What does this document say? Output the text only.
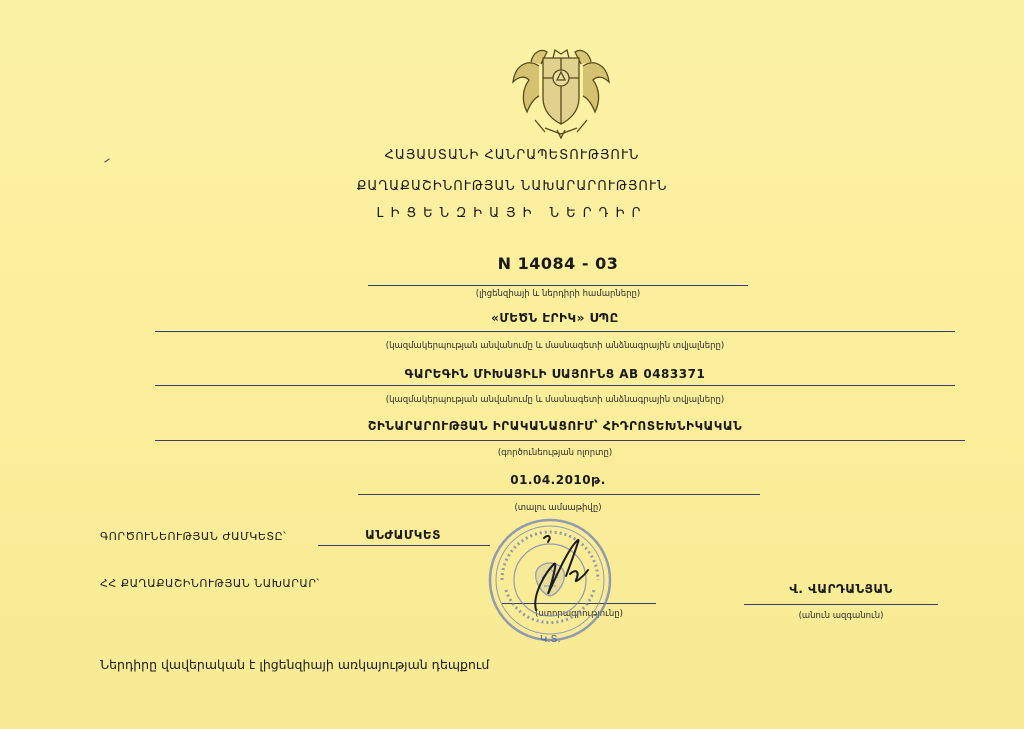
ՀԱՅԱՍՏԱՆԻ ՀԱՆՐԱՊԵՏՈՒԹՅՈՒՆ
ՔԱՂԱՔԱՇԻՆՈՒԹՅԱՆ ՆԱԽԱՐԱՐՈՒԹՅՈՒՆ
ԼԻՑԵՆԶԻԱՅԻ ՆԵՐԴԻՐ
N 14084 - 03
(լիցենզիայի և ներդիրի համարները)
«ՄԵԾՆ ԷՐԻԿ» ՍՊԸ
(կազմակերպության անվանումը և մասնագետի անձնագրային տվյալները)
ԳԱՐԵԳԻՆ ՄԻԽԱՅԻԼԻ ՍԱՅՈՒՆՑ AB 0483371
(կազմակերպության անվանումը և մասնագետի անձնագրային տվյալները)
ՇԻՆԱՐԱՐՈՒԹՅԱՆ ԻՐԱԿԱՆԱՑՈՒՄ՝ ՀԻԴՐՈՏԵԽՆԻԿԱԿԱՆ
(գործունեության ոլորտը)
01.04.2010թ.
(տալու ամսաթիվը)
ԳՈՐԾՈՒՆԵՈՒԹՅԱՆ ԺԱՄԿԵՏԸ՝	ԱՆԺԱՄԿԵՏ
ՀՀ ՔԱՂԱՔԱՇԻՆՈՒԹՅԱՆ ՆԱԽԱՐԱՐ՝
(ստորագրությունը)
Վ. ՎԱՐԴԱՆՅԱՆ
(անուն ազգանուն)
Կ.Տ.
Ներդիրը վավերական է լիցենզիայի առկայության դեպքում
